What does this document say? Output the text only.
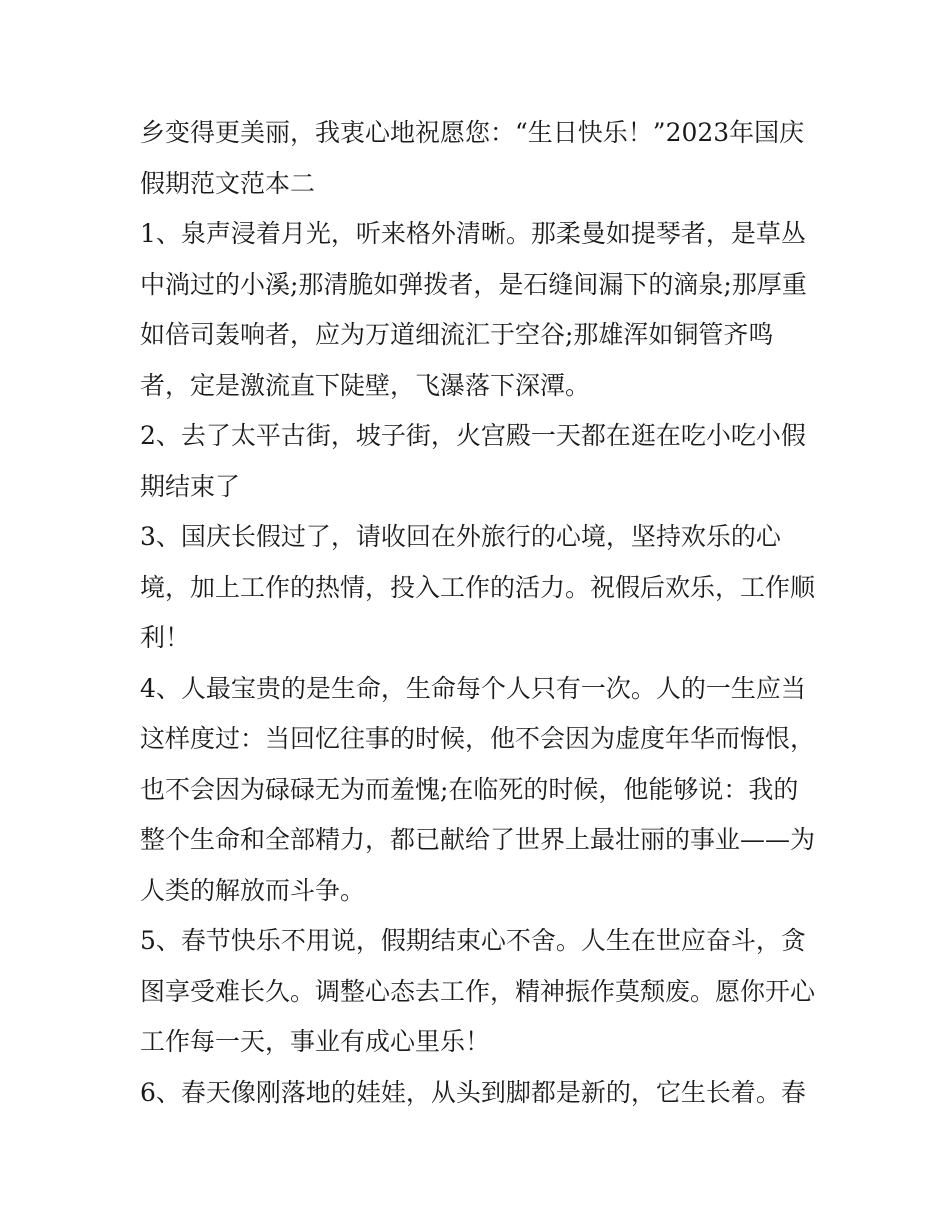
乡变得更美丽，我衷心地祝愿您：“生日快乐！”2023年国庆
假期范文范本二
1、泉声浸着月光，听来格外清晰。那柔曼如提琴者，是草丛
中淌过的小溪;那清脆如弹拨者，是石缝间漏下的滴泉;那厚重
如倍司轰响者，应为万道细流汇于空谷;那雄浑如铜管齐鸣
者，定是激流直下陡壁，飞瀑落下深潭。
2、去了太平古街，坡子街，火宫殿一天都在逛在吃小吃小假
期结束了
3、国庆长假过了，请收回在外旅行的心境，坚持欢乐的心
境，加上工作的热情，投入工作的活力。祝假后欢乐，工作顺
利！
4、人最宝贵的是生命，生命每个人只有一次。人的一生应当
这样度过：当回忆往事的时候，他不会因为虚度年华而悔恨，
也不会因为碌碌无为而羞愧;在临死的时候，他能够说：我的
整个生命和全部精力，都已献给了世界上最壮丽的事业——为
人类的解放而斗争。
5、春节快乐不用说，假期结束心不舍。人生在世应奋斗，贪
图享受难长久。调整心态去工作，精神振作莫颓废。愿你开心
工作每一天，事业有成心里乐！
6、春天像刚落地的娃娃，从头到脚都是新的，它生长着。春
